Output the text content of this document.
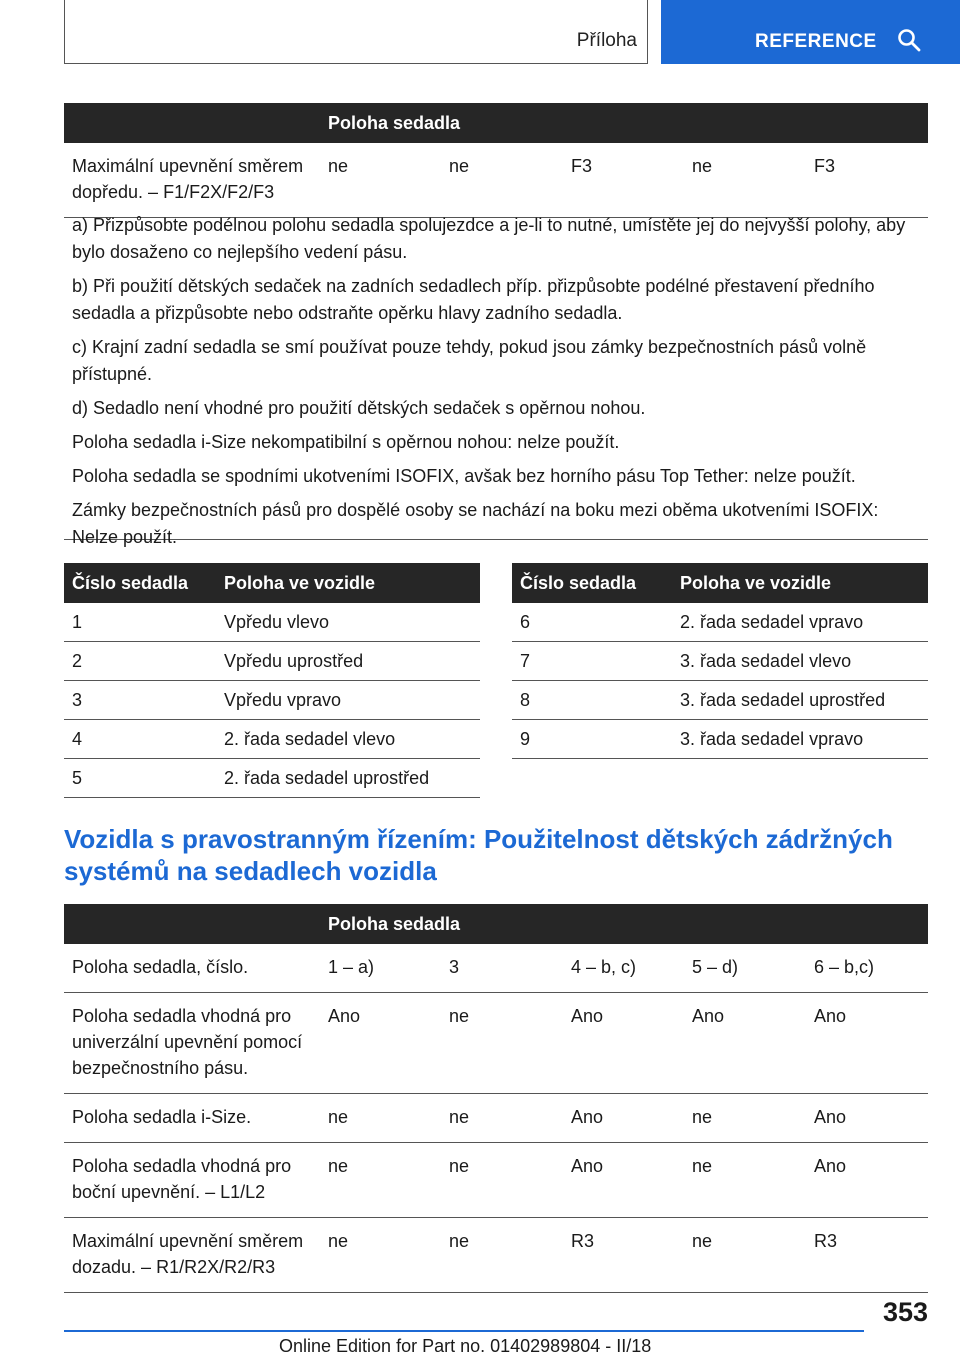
Příloha	REFERENCE
	Poloha sedadla				
Maximální upevnění směrem dopředu. – F1/F2X/F2/F3	ne	ne	F3	ne	F3

a) Přizpůsobte podélnou polohu sedadla spolujezdce a je-li to nutné, umístěte jej do nejvyšší polohy, aby bylo dosaženo co nejlepšího vedení pásu.

b) Při použití dětských sedaček na zadních sedadlech příp. přizpůsobte podélné přestavení předního sedadla a přizpůsobte nebo odstraňte opěrku hlavy zadního sedadla.

c) Krajní zadní sedadla se smí používat pouze tehdy, pokud jsou zámky bezpečnostních pásů volně přístupné.

d) Sedadlo není vhodné pro použití dětských sedaček s opěrnou nohou.

Poloha sedadla i-Size nekompatibilní s opěrnou nohou: nelze použít.

Poloha sedadla se spodními ukotveními ISOFIX, avšak bez horního pásu Top Tether: nelze použít.

Zámky bezpečnostních pásů pro dospělé osoby se nachází na boku mezi oběma ukotveními ISOFIX: Nelze použít.

Číslo sedadla	Poloha ve vozidle
1	Vpředu vlevo
2	Vpředu uprostřed
3	Vpředu vpravo
4	2. řada sedadel vlevo
5	2. řada sedadel uprostřed
Číslo sedadla	Poloha ve vozidle
6	2. řada sedadel vpravo
7	3. řada sedadel vlevo
8	3. řada sedadel uprostřed
9	3. řada sedadel vpravo
Vozidla s pravostranným řízením: Použitelnost dětských zádržných systémů na sedadlech vozidla
	Poloha sedadla				
Poloha sedadla, číslo.	1 – a)	3	4 – b, c)	5 – d)	6 – b,c)
Poloha sedadla vhodná pro univerzální upevnění pomocí bezpečnostního pásu.	Ano	ne	Ano	Ano	Ano
Poloha sedadla i-Size.	ne	ne	Ano	ne	Ano
Poloha sedadla vhodná pro boční upevnění. – L1/L2	ne	ne	Ano	ne	Ano
Maximální upevnění směrem dozadu. – R1/R2X/R2/R3	ne	ne	R3	ne	R3
353
Online Edition for Part no. 01402989804 - II/18
